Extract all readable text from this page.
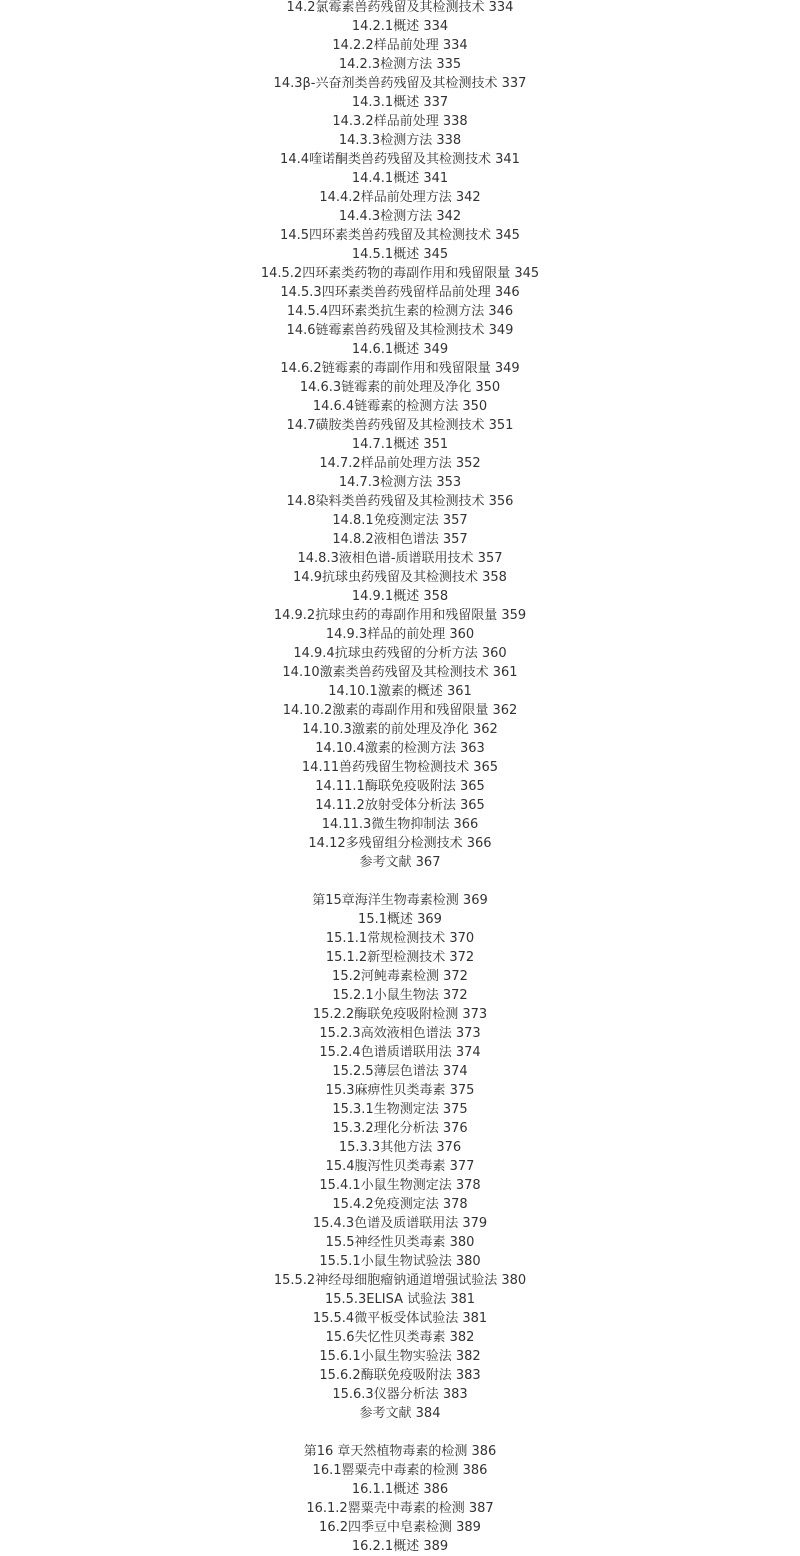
14.2氯霉素兽药残留及其检测技术 334
14.2.1概述 334
14.2.2样品前处理 334
14.2.3检测方法 335
14.3β-兴奋剂类兽药残留及其检测技术 337
14.3.1概述 337
14.3.2样品前处理 338
14.3.3检测方法 338
14.4喹诺酮类兽药残留及其检测技术 341
14.4.1概述 341
14.4.2样品前处理方法 342
14.4.3检测方法 342
14.5四环素类兽药残留及其检测技术 345
14.5.1概述 345
14.5.2四环素类药物的毒副作用和残留限量 345
14.5.3四环素类兽药残留样品前处理 346
14.5.4四环素类抗生素的检测方法 346
14.6链霉素兽药残留及其检测技术 349
14.6.1概述 349
14.6.2链霉素的毒副作用和残留限量 349
14.6.3链霉素的前处理及净化 350
14.6.4链霉素的检测方法 350
14.7磺胺类兽药残留及其检测技术 351
14.7.1概述 351
14.7.2样品前处理方法 352
14.7.3检测方法 353
14.8染料类兽药残留及其检测技术 356
14.8.1免疫测定法 357
14.8.2液相色谱法 357
14.8.3液相色谱-质谱联用技术 357
14.9抗球虫药残留及其检测技术 358
14.9.1概述 358
14.9.2抗球虫药的毒副作用和残留限量 359
14.9.3样品的前处理 360
14.9.4抗球虫药残留的分析方法 360
14.10激素类兽药残留及其检测技术 361
14.10.1激素的概述 361
14.10.2激素的毒副作用和残留限量 362
14.10.3激素的前处理及净化 362
14.10.4激素的检测方法 363
14.11兽药残留生物检测技术 365
14.11.1酶联免疫吸附法 365
14.11.2放射受体分析法 365
14.11.3微生物抑制法 366
14.12多残留组分检测技术 366
参考文献 367
第15章海洋生物毒素检测 369
15.1概述 369
15.1.1常规检测技术 370
15.1.2新型检测技术 372
15.2河鲀毒素检测 372
15.2.1小鼠生物法 372
15.2.2酶联免疫吸附检测 373
15.2.3高效液相色谱法 373
15.2.4色谱质谱联用法 374
15.2.5薄层色谱法 374
15.3麻痹性贝类毒素 375
15.3.1生物测定法 375
15.3.2理化分析法 376
15.3.3其他方法 376
15.4腹泻性贝类毒素 377
15.4.1小鼠生物测定法 378
15.4.2免疫测定法 378
15.4.3色谱及质谱联用法 379
15.5神经性贝类毒素 380
15.5.1小鼠生物试验法 380
15.5.2神经母细胞瘤钠通道增强试验法 380
15.5.3ELISA 试验法 381
15.5.4微平板受体试验法 381
15.6失忆性贝类毒素 382
15.6.1小鼠生物实验法 382
15.6.2酶联免疫吸附法 383
15.6.3仪器分析法 383
参考文献 384
第16 章天然植物毒素的检测 386
16.1罂粟壳中毒素的检测 386
16.1.1概述 386
16.1.2罂粟壳中毒素的检测 387
16.2四季豆中皂素检测 389
16.2.1概述 389
